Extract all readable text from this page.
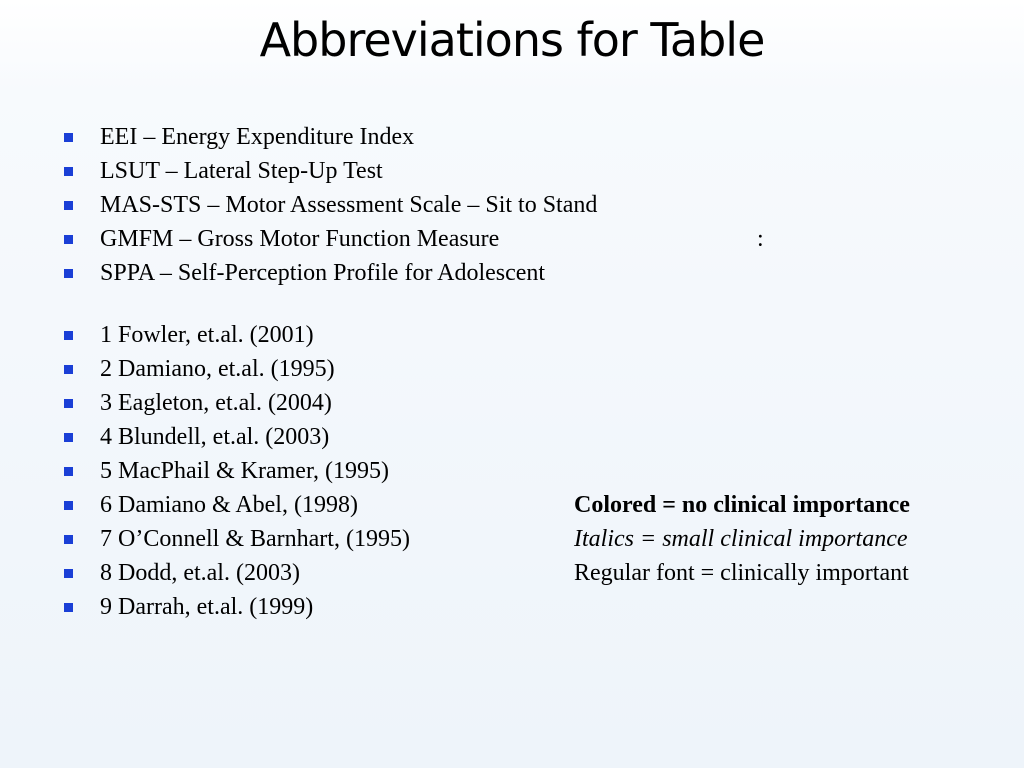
Abbreviations for Table
EEI – Energy Expenditure Index
LSUT – Lateral Step-Up Test
MAS-STS – Motor Assessment Scale – Sit to Stand
GMFM – Gross Motor Function Measure	:
SPPA – Self-Perception Profile for Adolescent
1 Fowler, et.al. (2001)
2 Damiano, et.al. (1995)
3 Eagleton, et.al. (2004)
4 Blundell, et.al. (2003)
5 MacPhail & Kramer, (1995)
6 Damiano & Abel, (1998)	Colored = no clinical importance
7 O’Connell & Barnhart, (1995)	Italics = small clinical importance
8 Dodd, et.al. (2003)	Regular font = clinically important
9 Darrah, et.al. (1999)
